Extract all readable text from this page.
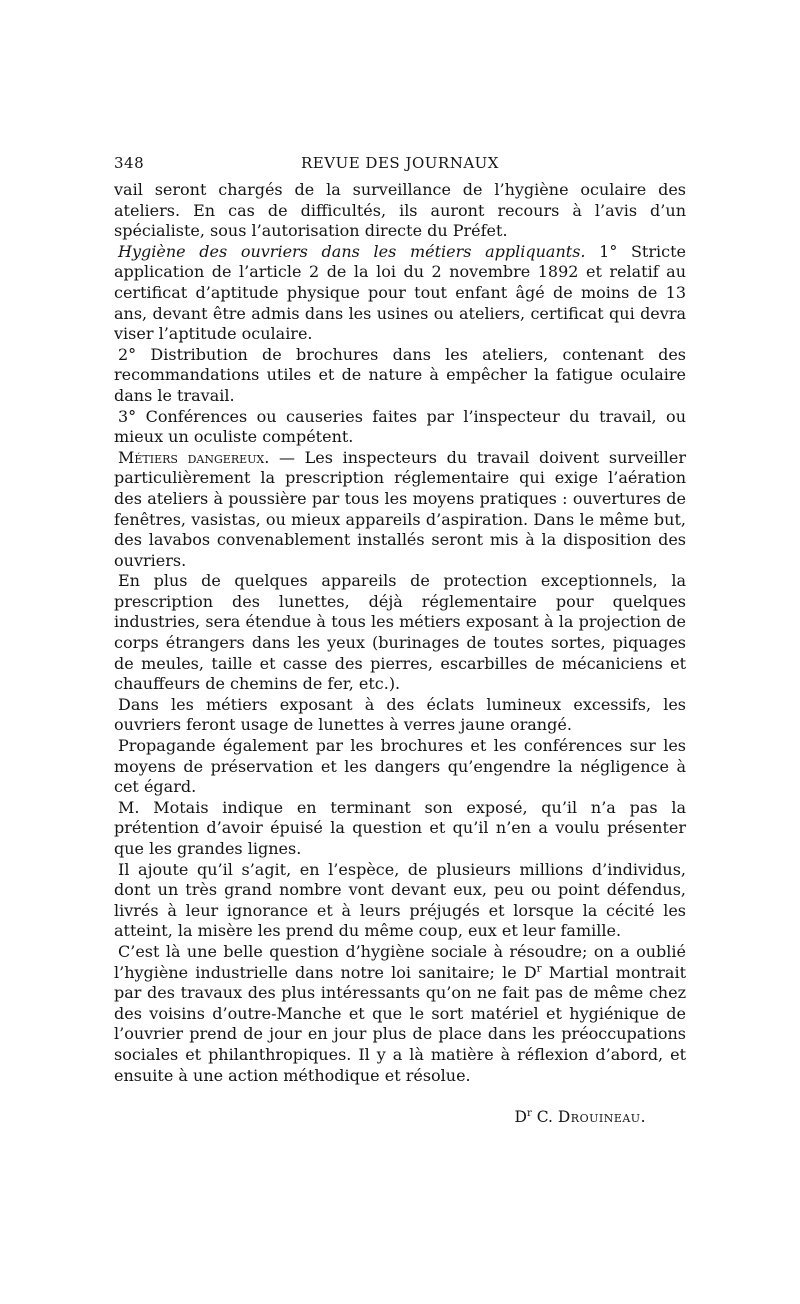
348	REVUE DES JOURNAUX

vail seront chargés de la surveillance de l’hygiène oculaire des ateliers. En cas de difficultés, ils auront recours à l’avis d’un spécialiste, sous l’autorisation directe du Préfet.

Hygiène des ouvriers dans les métiers appliquants. 1° Stricte application de l’article 2 de la loi du 2 novembre 1892 et relatif au certificat d’aptitude physique pour tout enfant âgé de moins de 13 ans, devant être admis dans les usines ou ateliers, certificat qui devra viser l’aptitude oculaire.

2° Distribution de brochures dans les ateliers, contenant des recommandations utiles et de nature à empêcher la fatigue oculaire dans le travail.

3° Conférences ou causeries faites par l’inspecteur du travail, ou mieux un oculiste compétent.

Métiers dangereux. — Les inspecteurs du travail doivent surveiller particulièrement la prescription réglementaire qui exige l’aération des ateliers à poussière par tous les moyens pratiques : ouvertures de fenêtres, vasistas, ou mieux appareils d’aspiration. Dans le même but, des lavabos convenablement installés seront mis à la disposition des ouvriers.

En plus de quelques appareils de protection exceptionnels, la prescription des lunettes, déjà réglementaire pour quelques industries, sera étendue à tous les métiers exposant à la projection de corps étrangers dans les yeux (burinages de toutes sortes, piquages de meules, taille et casse des pierres, escarbilles de mécaniciens et chauffeurs de chemins de fer, etc.).

Dans les métiers exposant à des éclats lumineux excessifs, les ouvriers feront usage de lunettes à verres jaune orangé.

Propagande également par les brochures et les conférences sur les moyens de préservation et les dangers qu’engendre la négligence à cet égard.

M. Motais indique en terminant son exposé, qu’il n’a pas la prétention d’avoir épuisé la question et qu’il n’en a voulu présenter que les grandes lignes.

Il ajoute qu’il s’agit, en l’espèce, de plusieurs millions d’individus, dont un très grand nombre vont devant eux, peu ou point défendus, livrés à leur ignorance et à leurs préjugés et lorsque la cécité les atteint, la misère les prend du même coup, eux et leur famille.

C’est là une belle question d’hygiène sociale à résoudre; on a oublié l’hygiène industrielle dans notre loi sanitaire; le $D^r$ Martial montrait par des travaux des plus intéressants qu’on ne fait pas de même chez des voisins d’outre-Manche et que le sort matériel et hygiénique de l’ouvrier prend de jour en jour plus de place dans les préoccupations sociales et philanthropiques. Il y a là matière à réflexion d’abord, et ensuite à une action méthodique et résolue.

$D^r$ C. Drouineau.
